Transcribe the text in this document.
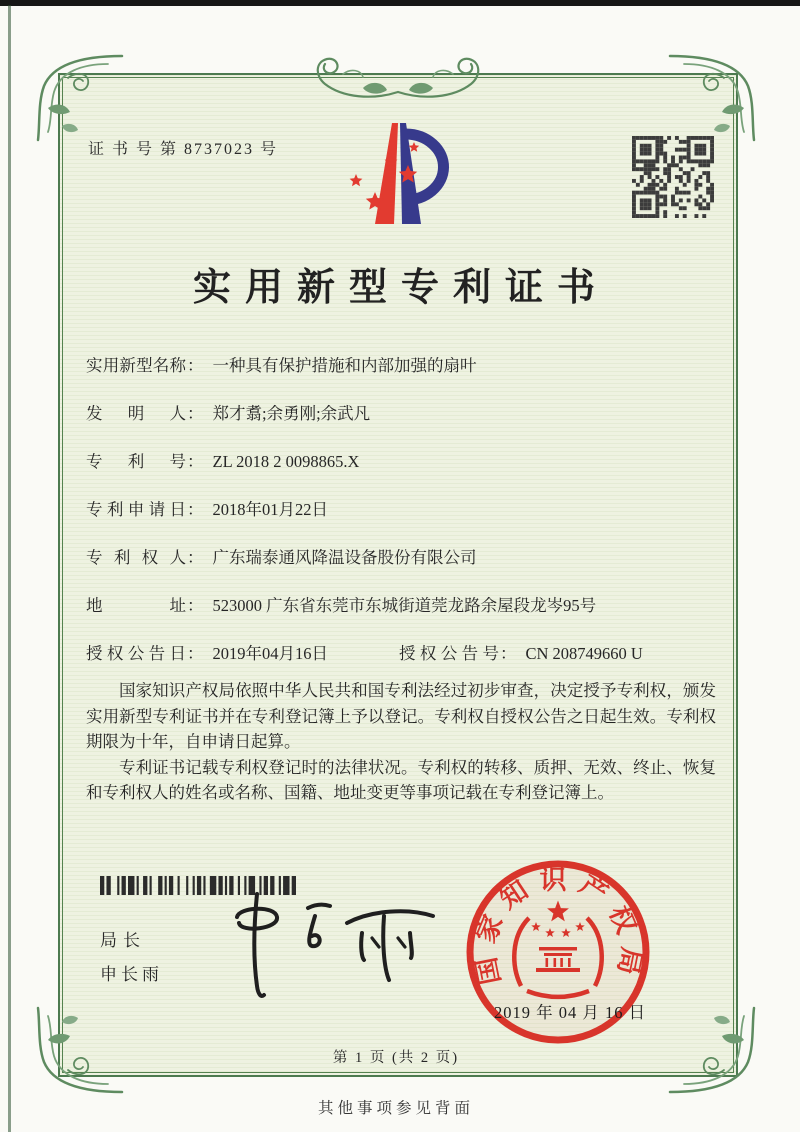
证 书 号 第 8737023 号
实用新型专利证书
实用新型名称： 一种具有保护措施和内部加强的扇叶
发明人： 郑才翥;余勇刚;余武凡
专利号： ZL 2018 2 0098865.X
专利申请日： 2018年01月22日
专利权人： 广东瑞泰通风降温设备股份有限公司
地址： 523000 广东省东莞市东城街道莞龙路余屋段龙岑95号
授权公告日： 2019年04月16日	授权公告号： CN 208749660 U

国家知识产权局依照中华人民共和国专利法经过初步审查，决定授予专利权，颁发实用新型专利证书并在专利登记簿上予以登记。专利权自授权公告之日起生效。专利权期限为十年，自申请日起算。

专利证书记载专利权登记时的法律状况。专利权的转移、质押、无效、终止、恢复和专利权人的姓名或名称、国籍、地址变更等事项记载在专利登记簿上。

局长
申长雨	国家知识产权局
2019 年 04 月 16 日
第 1 页 (共 2 页)
其他事项参见背面
